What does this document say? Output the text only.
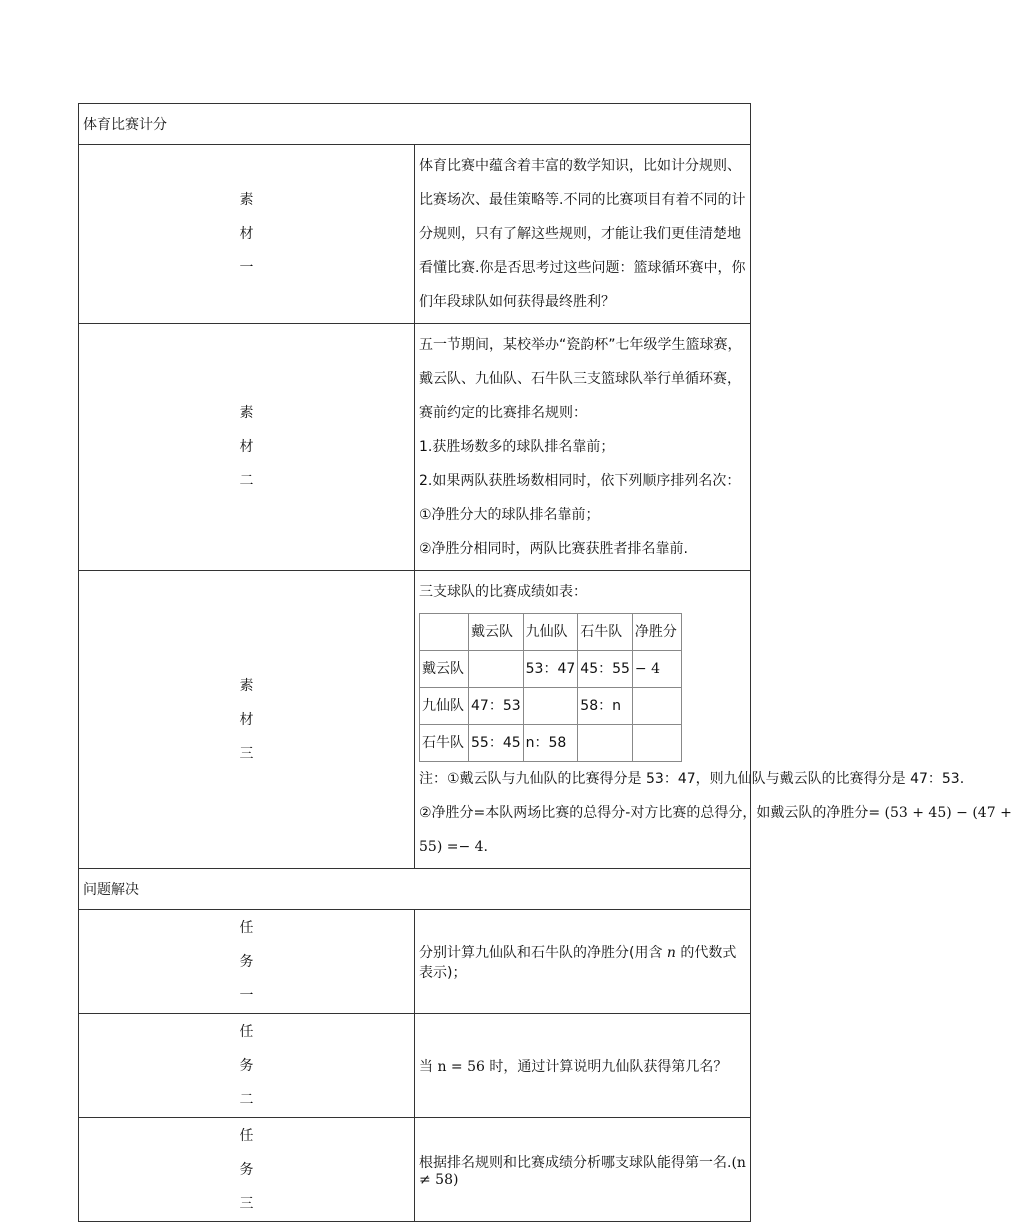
体育比赛计分

素
材
一
	体育比赛中蕴含着丰富的数学知识，比如计分规则、比赛场次、最佳策略等.不同的比赛项目有着不同的计分规则，只有了解这些规则，才能让我们更佳清楚地看懂比赛.你是否思考过这些问题：篮球循环赛中，你们年段球队如何获得最终胜利？

素
材
二

五一节期间，某校举办“瓷韵杯”七年级学生篮球赛，戴云队、九仙队、石牛队三支篮球队举行单循环赛，赛前约定的比赛排名规则：
1.获胜场数多的球队排名靠前；
2.如果两队获胜场数相同时，依下列顺序排列名次：
①净胜分大的球队排名靠前；
②净胜分相同时，两队比赛获胜者排名靠前.

素
材
三

三支球队的比赛成绩如表：
	戴云队	九仙队	石牛队	净胜分
戴云队		53：47	45：55	− 4
九仙队	47：53		58：n	
石牛队	55：45	n：58		
注：①戴云队与九仙队的比赛得分是 53：47，则九仙队与戴云队的比赛得分是 47：53.
②净胜分=本队两场比赛的总得分-对方比赛的总得分，如戴云队的净胜分= (53 + 45) − (47 +
55) =− 4.

问题解决

任
务
一
	分别计算九仙队和石牛队的净胜分(用含 n 的代数式表示)；

任
务
二
	当 n = 56 时，通过计算说明九仙队获得第几名？

任
务
三
	根据排名规则和比赛成绩分析哪支球队能得第一名.(n ≠ 58)
